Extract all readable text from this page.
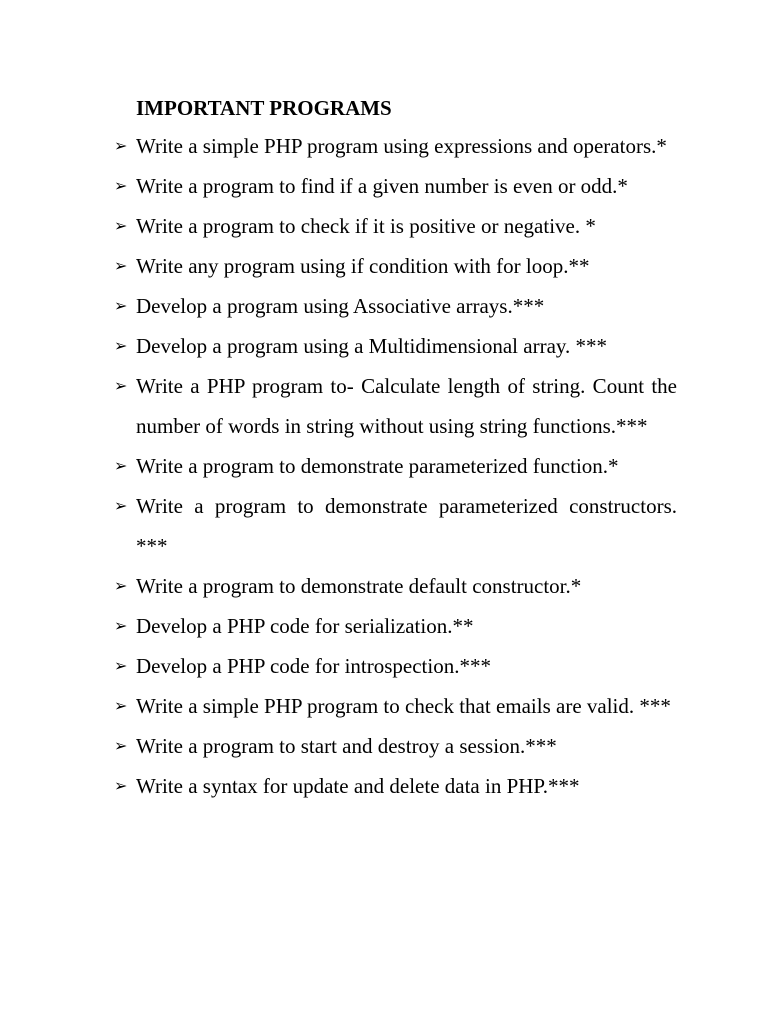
IMPORTANT PROGRAMS
➢ Write a simple PHP program using expressions and operators.*
➢ Write a program to find if a given number is even or odd.*
➢ Write a program to check if it is positive or negative. *
➢ Write any program using if condition with for loop.**
➢ Develop a program using Associative arrays.***
➢ Develop a program using a Multidimensional array. ***
➢ Write a PHP program to- Calculate length of string. Count the number of words in string without using string functions.***
➢ Write a program to demonstrate parameterized function.*
➢ Write a program to demonstrate parameterized constructors. ***
➢ Write a program to demonstrate default constructor.*
➢ Develop a PHP code for serialization.**
➢ Develop a PHP code for introspection.***
➢ Write a simple PHP program to check that emails are valid. ***
➢ Write a program to start and destroy a session.***
➢ Write a syntax for update and delete data in PHP.***
